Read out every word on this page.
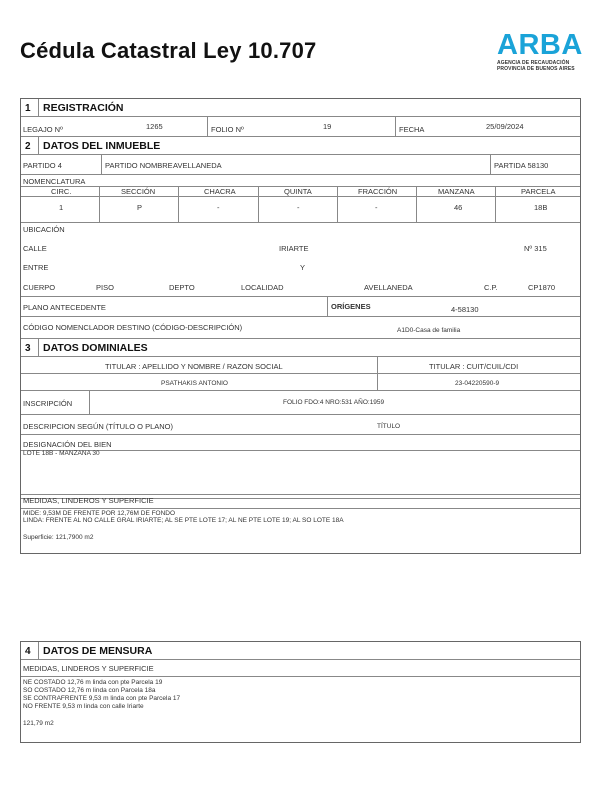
Cédula Catastral Ley 10.707	ARBA
AGENCIA DE RECAUDACIÓN
PROVINCIA DE BUENOS AIRES
1 REGISTRACIÓN
LEGAJO Nº	1265	FOLIO Nº	19	FECHA	25/09/2024
2 DATOS DEL INMUEBLE
PARTIDO 4	PARTIDO NOMBRE AVELLANEDA	PARTIDA 58130
NOMENCLATURA
CIRC.	SECCIÓN	CHACRA	QUINTA	FRACCIÓN	MANZANA	PARCELA
1	P	-	-	-	46	18B
UBICACIÓN
CALLE	IRIARTE	Nº 315
ENTRE	Y
CUERPO	PISO	DEPTO	LOCALIDAD	AVELLANEDA	C.P.	CP1870
PLANO ANTECEDENTE	ORÍGENES	4-58130
CÓDIGO NOMENCLADOR DESTINO (CÓDIGO-DESCRIPCIÓN)	A1D0-Casa de familia
3 DATOS DOMINIALES
TITULAR : APELLIDO Y NOMBRE / RAZON SOCIAL	TITULAR : CUIT/CUIL/CDI
PSATHAKIS ANTONIO	23-04220590-9
INSCRIPCIÓN	FOLIO FDO:4 NRO:531 AÑO:1959
DESCRIPCION SEGÚN (TÍTULO O PLANO)	TÍTULO
DESIGNACIÓN DEL BIEN
LOTE 18B - MANZANA 30
MEDIDAS, LINDEROS Y SUPERFICIE
MIDE: 9,53M DE FRENTE POR 12,76M DE FONDO
LINDA: FRENTE AL NO CALLE GRAL IRIARTE; AL SE PTE LOTE 17; AL NE PTE LOTE 19; AL SO LOTE 18A
Superficie: 121,7900 m2
4 DATOS DE MENSURA
MEDIDAS, LINDEROS Y SUPERFICIE
NE COSTADO 12,76 m linda con pte Parcela 19
SO COSTADO 12,76 m linda con Parcela 18a
SE CONTRAFRENTE 9,53 m linda con pte Parcela 17
NO FRENTE 9,53 m linda con calle Iriarte
121,79 m2
